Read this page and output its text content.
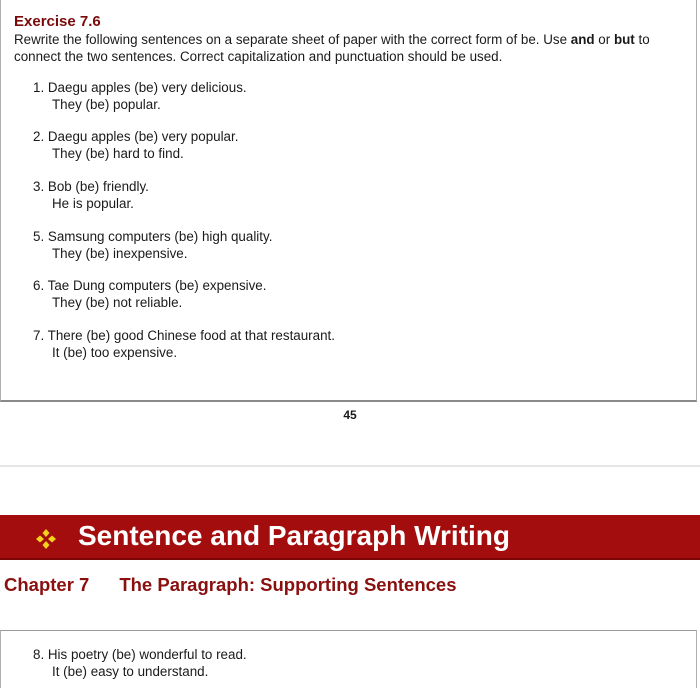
Exercise 7.6
Rewrite the following sentences on a separate sheet of paper with the correct form of be. Use and or but to connect the two sentences. Correct capitalization and punctuation should be used.
1. Daegu apples (be) very delicious.
They (be) popular.
2. Daegu apples (be) very popular.
They (be) hard to find.
3. Bob (be) friendly.
He is popular.
5. Samsung computers (be) high quality.
They (be) inexpensive.
6. Tae Dung computers (be) expensive.
They (be) not reliable.
7. There (be) good Chinese food at that restaurant.
It (be) too expensive.
45
Sentence and Paragraph Writing
Chapter 7 The Paragraph: Supporting Sentences
8. His poetry (be) wonderful to read.
It (be) easy to understand.
